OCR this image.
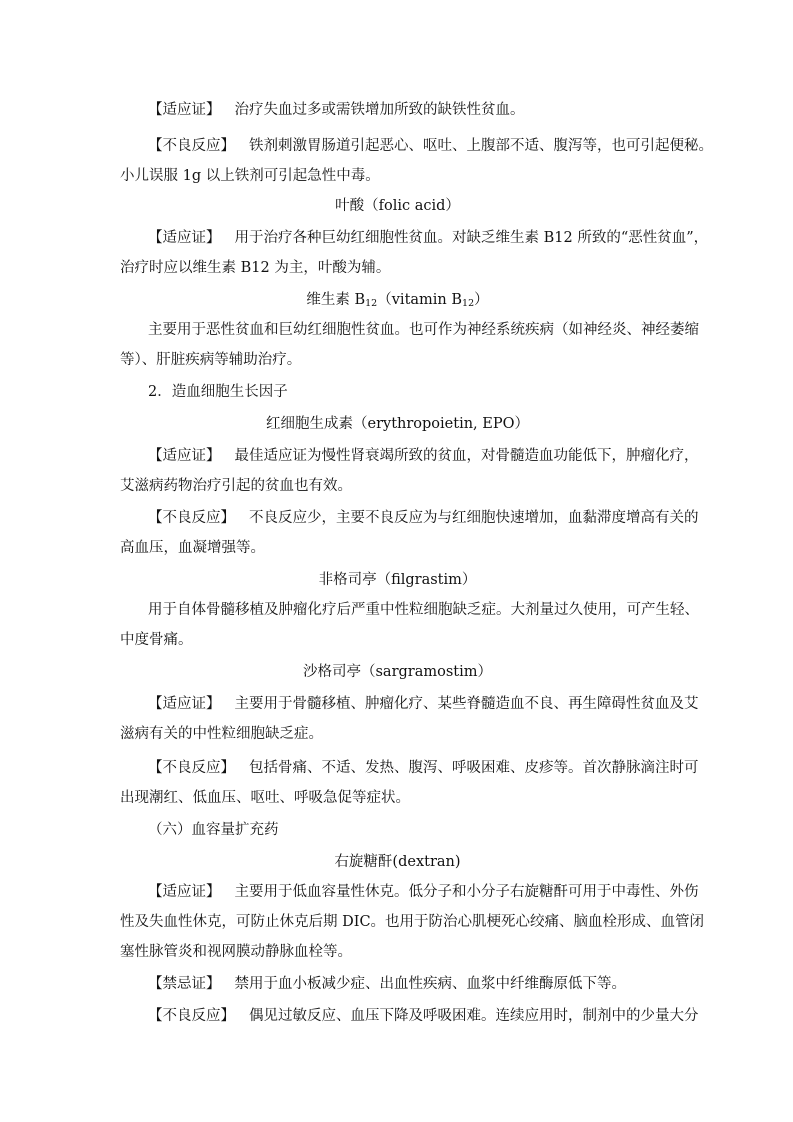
【适应证】 治疗失血过多或需铁增加所致的缺铁性贫血。
【不良反应】 铁剂刺激胃肠道引起恶心、呕吐、上腹部不适、腹泻等，也可引起便秘。
小儿误服 1g 以上铁剂可引起急性中毒。
叶酸（folic acid）
【适应证】 用于治疗各种巨幼红细胞性贫血。对缺乏维生素 B12 所致的“恶性贫血”，
治疗时应以维生素 B12 为主，叶酸为辅。
维生素 $B_{12}(vitamin$ $B_{12}$）
主要用于恶性贫血和巨幼红细胞性贫血。也可作为神经系统疾病（如神经炎、神经萎缩
等）、肝脏疾病等辅助治疗。
2．造血细胞生长因子
红细胞生成素（erythropoietin, EPO）
【适应证】 最佳适应证为慢性肾衰竭所致的贫血，对骨髓造血功能低下，肿瘤化疗，
艾滋病药物治疗引起的贫血也有效。
【不良反应】 不良反应少，主要不良反应为与红细胞快速增加，血黏滞度增高有关的
高血压，血凝增强等。
非格司亭（filgrastim）
用于自体骨髓移植及肿瘤化疗后严重中性粒细胞缺乏症。大剂量过久使用，可产生轻、
中度骨痛。
沙格司亭（sargramostim）
【适应证】 主要用于骨髓移植、肿瘤化疗、某些脊髓造血不良、再生障碍性贫血及艾
滋病有关的中性粒细胞缺乏症。
【不良反应】 包括骨痛、不适、发热、腹泻、呼吸困难、皮疹等。首次静脉滴注时可
出现潮红、低血压、呕吐、呼吸急促等症状。
（六）血容量扩充药
右旋糖酐(dextran)
【适应证】 主要用于低血容量性休克。低分子和小分子右旋糖酐可用于中毒性、外伤
性及失血性休克，可防止休克后期 DIC。也用于防治心肌梗死心绞痛、脑血栓形成、血管闭
塞性脉管炎和视网膜动静脉血栓等。
【禁忌证】 禁用于血小板减少症、出血性疾病、血浆中纤维酶原低下等。
【不良反应】 偶见过敏反应、血压下降及呼吸困难。连续应用时，制剂中的少量大分
